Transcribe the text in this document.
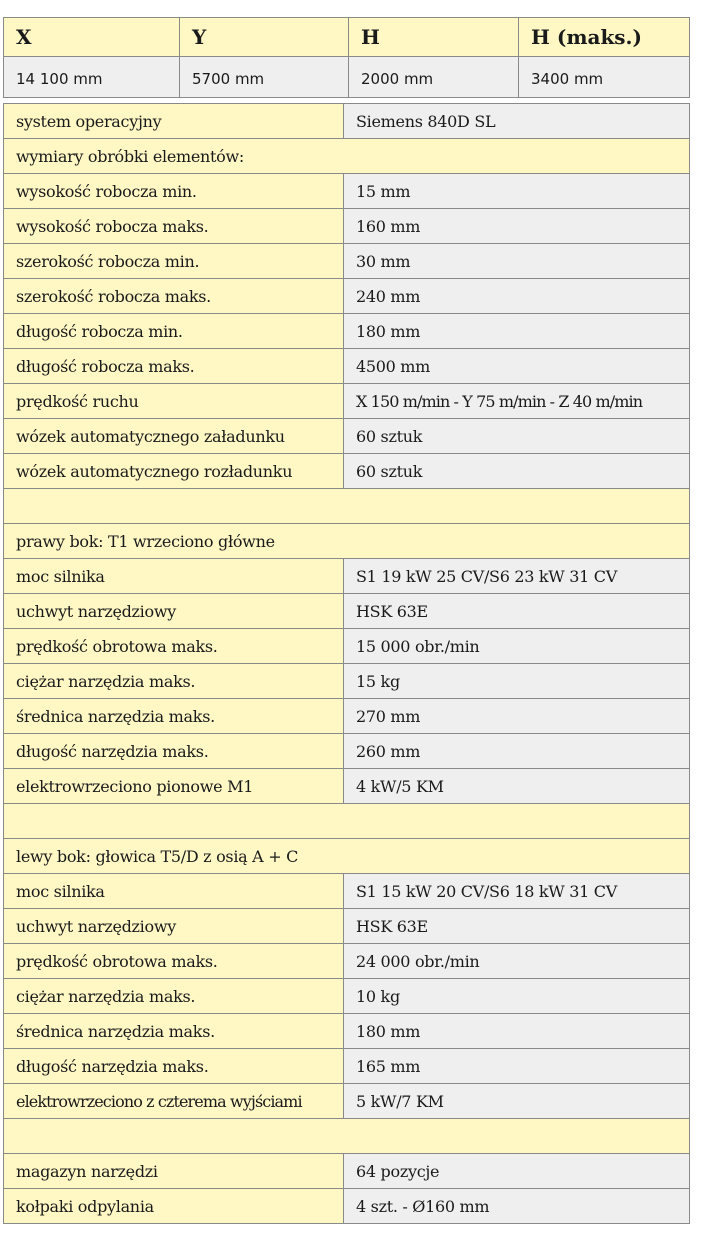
X	Y	H	H (maks.)
14 100 mm	5700 mm	2000 mm	3400 mm
system operacyjny	Siemens 840D SL
wymiary obróbki elementów:	
wysokość robocza min.	15 mm
wysokość robocza maks.	160 mm
szerokość robocza min.	30 mm
szerokość robocza maks.	240 mm
długość robocza min.	180 mm
długość robocza maks.	4500 mm
prędkość ruchu	X 150 m/min - Y 75 m/min - Z 40 m/min
wózek automatycznego załadunku	60 sztuk
wózek automatycznego rozładunku	60 sztuk

prawy bok: T1 wrzeciono główne	
moc silnika	S1 19 kW 25 CV/S6 23 kW 31 CV
uchwyt narzędziowy	HSK 63E
prędkość obrotowa maks.	15 000 obr./min
ciężar narzędzia maks.	15 kg
średnica narzędzia maks.	270 mm
długość narzędzia maks.	260 mm
elektrowrzeciono pionowe M1	4 kW/5 KM

lewy bok: głowica T5/D z osią A + C	
moc silnika	S1 15 kW 20 CV/S6 18 kW 31 CV
uchwyt narzędziowy	HSK 63E
prędkość obrotowa maks.	24 000 obr./min
ciężar narzędzia maks.	10 kg
średnica narzędzia maks.	180 mm
długość narzędzia maks.	165 mm
elektrowrzeciono z czterema wyjściami	5 kW/7 KM

magazyn narzędzi	64 pozycje
kołpaki odpylania	4 szt. - Ø160 mm
